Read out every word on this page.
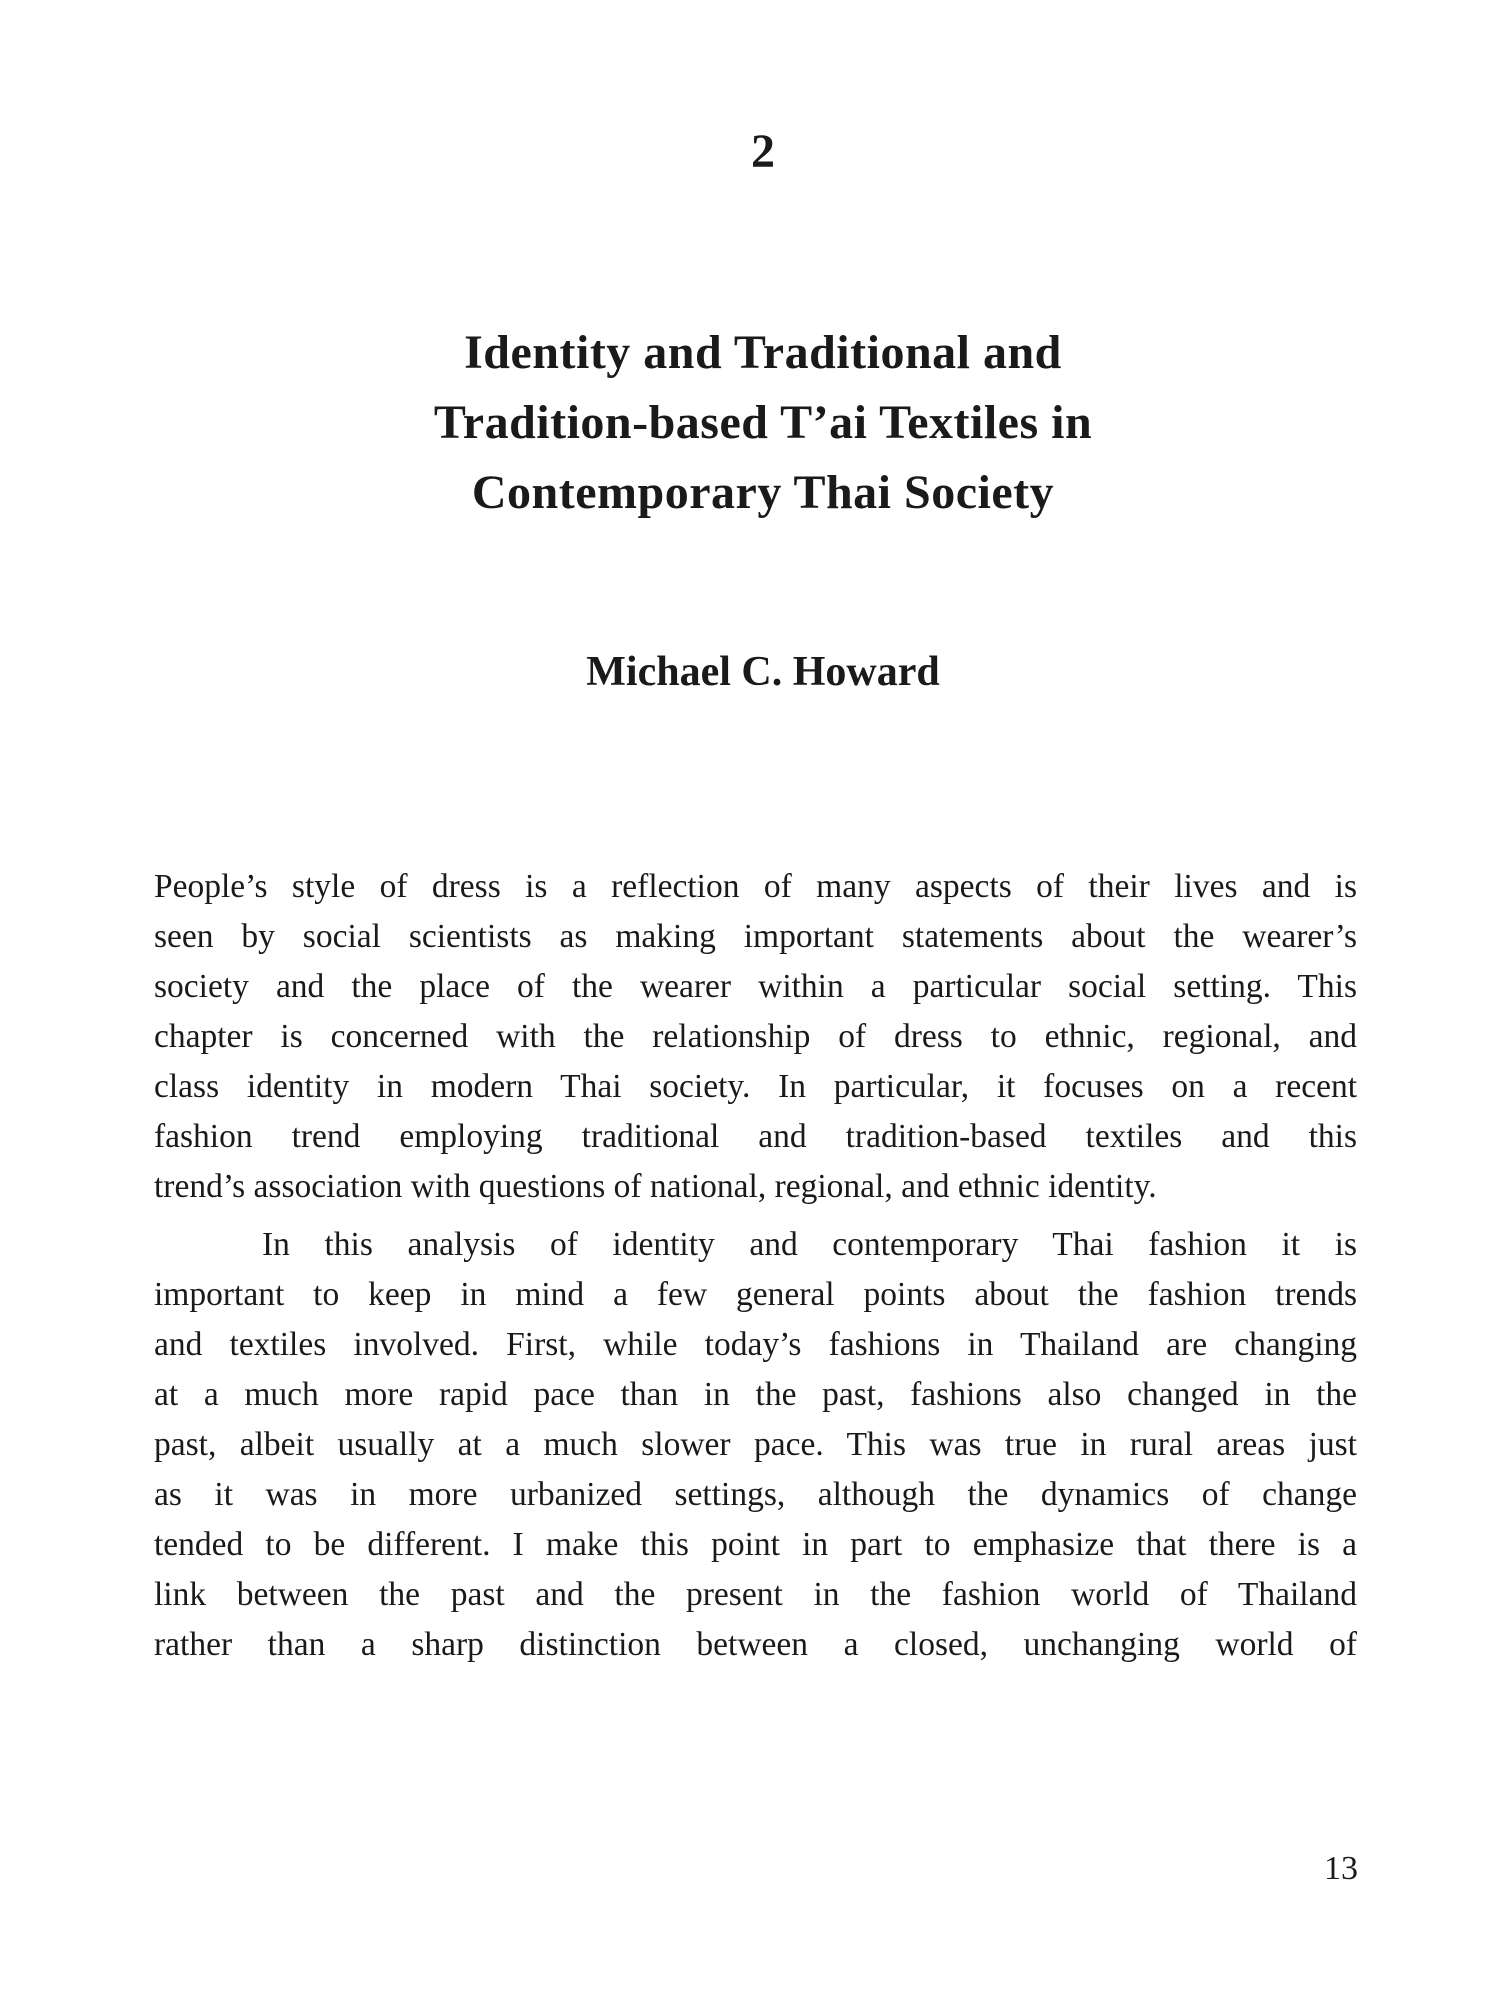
2
Identity and Traditional and
Tradition-based T’ai Textiles in
Contemporary Thai Society
Michael C. Howard

People’s style of dress is a reflection of many aspects of their lives and is
seen by social scientists as making important statements about the wearer’s
society and the place of the wearer within a particular social setting. This
chapter is concerned with the relationship of dress to ethnic, regional, and
class identity in modern Thai society. In particular, it focuses on a recent
fashion trend employing traditional and tradition-based textiles and this
trend’s association with questions of national, regional, and ethnic identity.

In this analysis of identity and contemporary Thai fashion it is
important to keep in mind a few general points about the fashion trends
and textiles involved. First, while today’s fashions in Thailand are changing
at a much more rapid pace than in the past, fashions also changed in the
past, albeit usually at a much slower pace. This was true in rural areas just
as it was in more urbanized settings, although the dynamics of change
tended to be different. I make this point in part to emphasize that there is a
link between the past and the present in the fashion world of Thailand
rather than a sharp distinction between a closed, unchanging world of

13
